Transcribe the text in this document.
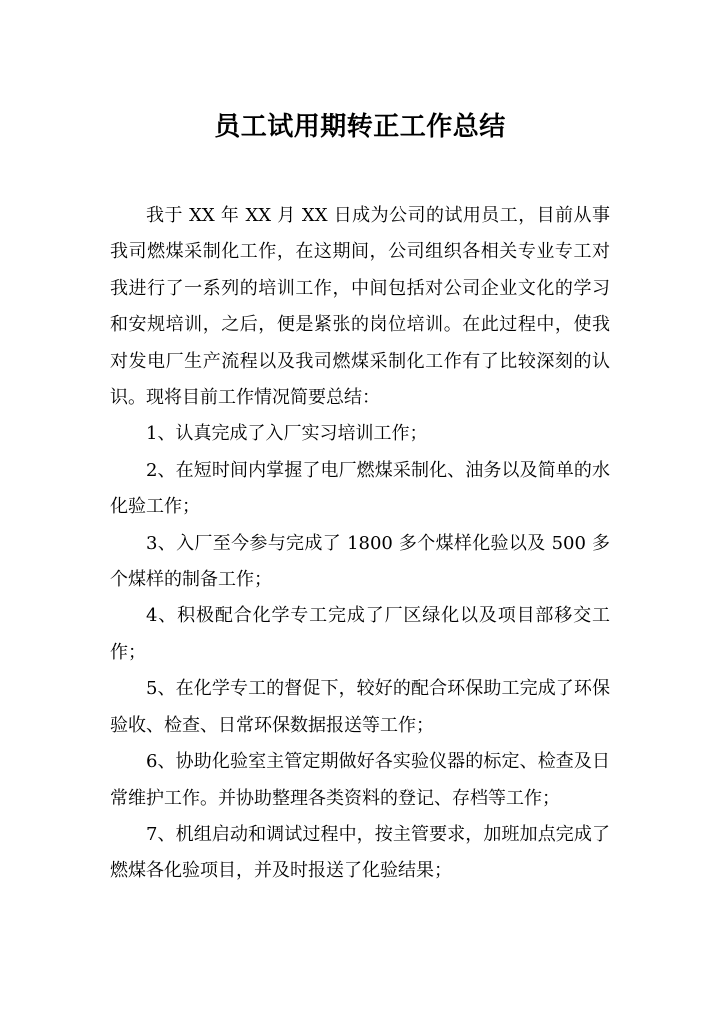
员工试用期转正工作总结

我于 XX 年 XX 月 XX 日成为公司的试用员工，目前从事我司燃煤采制化工作，在这期间，公司组织各相关专业专工对我进行了一系列的培训工作，中间包括对公司企业文化的学习和安规培训，之后，便是紧张的岗位培训。在此过程中，使我对发电厂生产流程以及我司燃煤采制化工作有了比较深刻的认识。现将目前工作情况简要总结：

1、认真完成了入厂实习培训工作；

2、在短时间内掌握了电厂燃煤采制化、油务以及简单的水化验工作；

3、入厂至今参与完成了 1800 多个煤样化验以及 500 多个煤样的制备工作；

4、积极配合化学专工完成了厂区绿化以及项目部移交工作；

5、在化学专工的督促下，较好的配合环保助工完成了环保验收、检查、日常环保数据报送等工作；

6、协助化验室主管定期做好各实验仪器的标定、检查及日常维护工作。并协助整理各类资料的登记、存档等工作；

7、机组启动和调试过程中，按主管要求，加班加点完成了燃煤各化验项目，并及时报送了化验结果；
